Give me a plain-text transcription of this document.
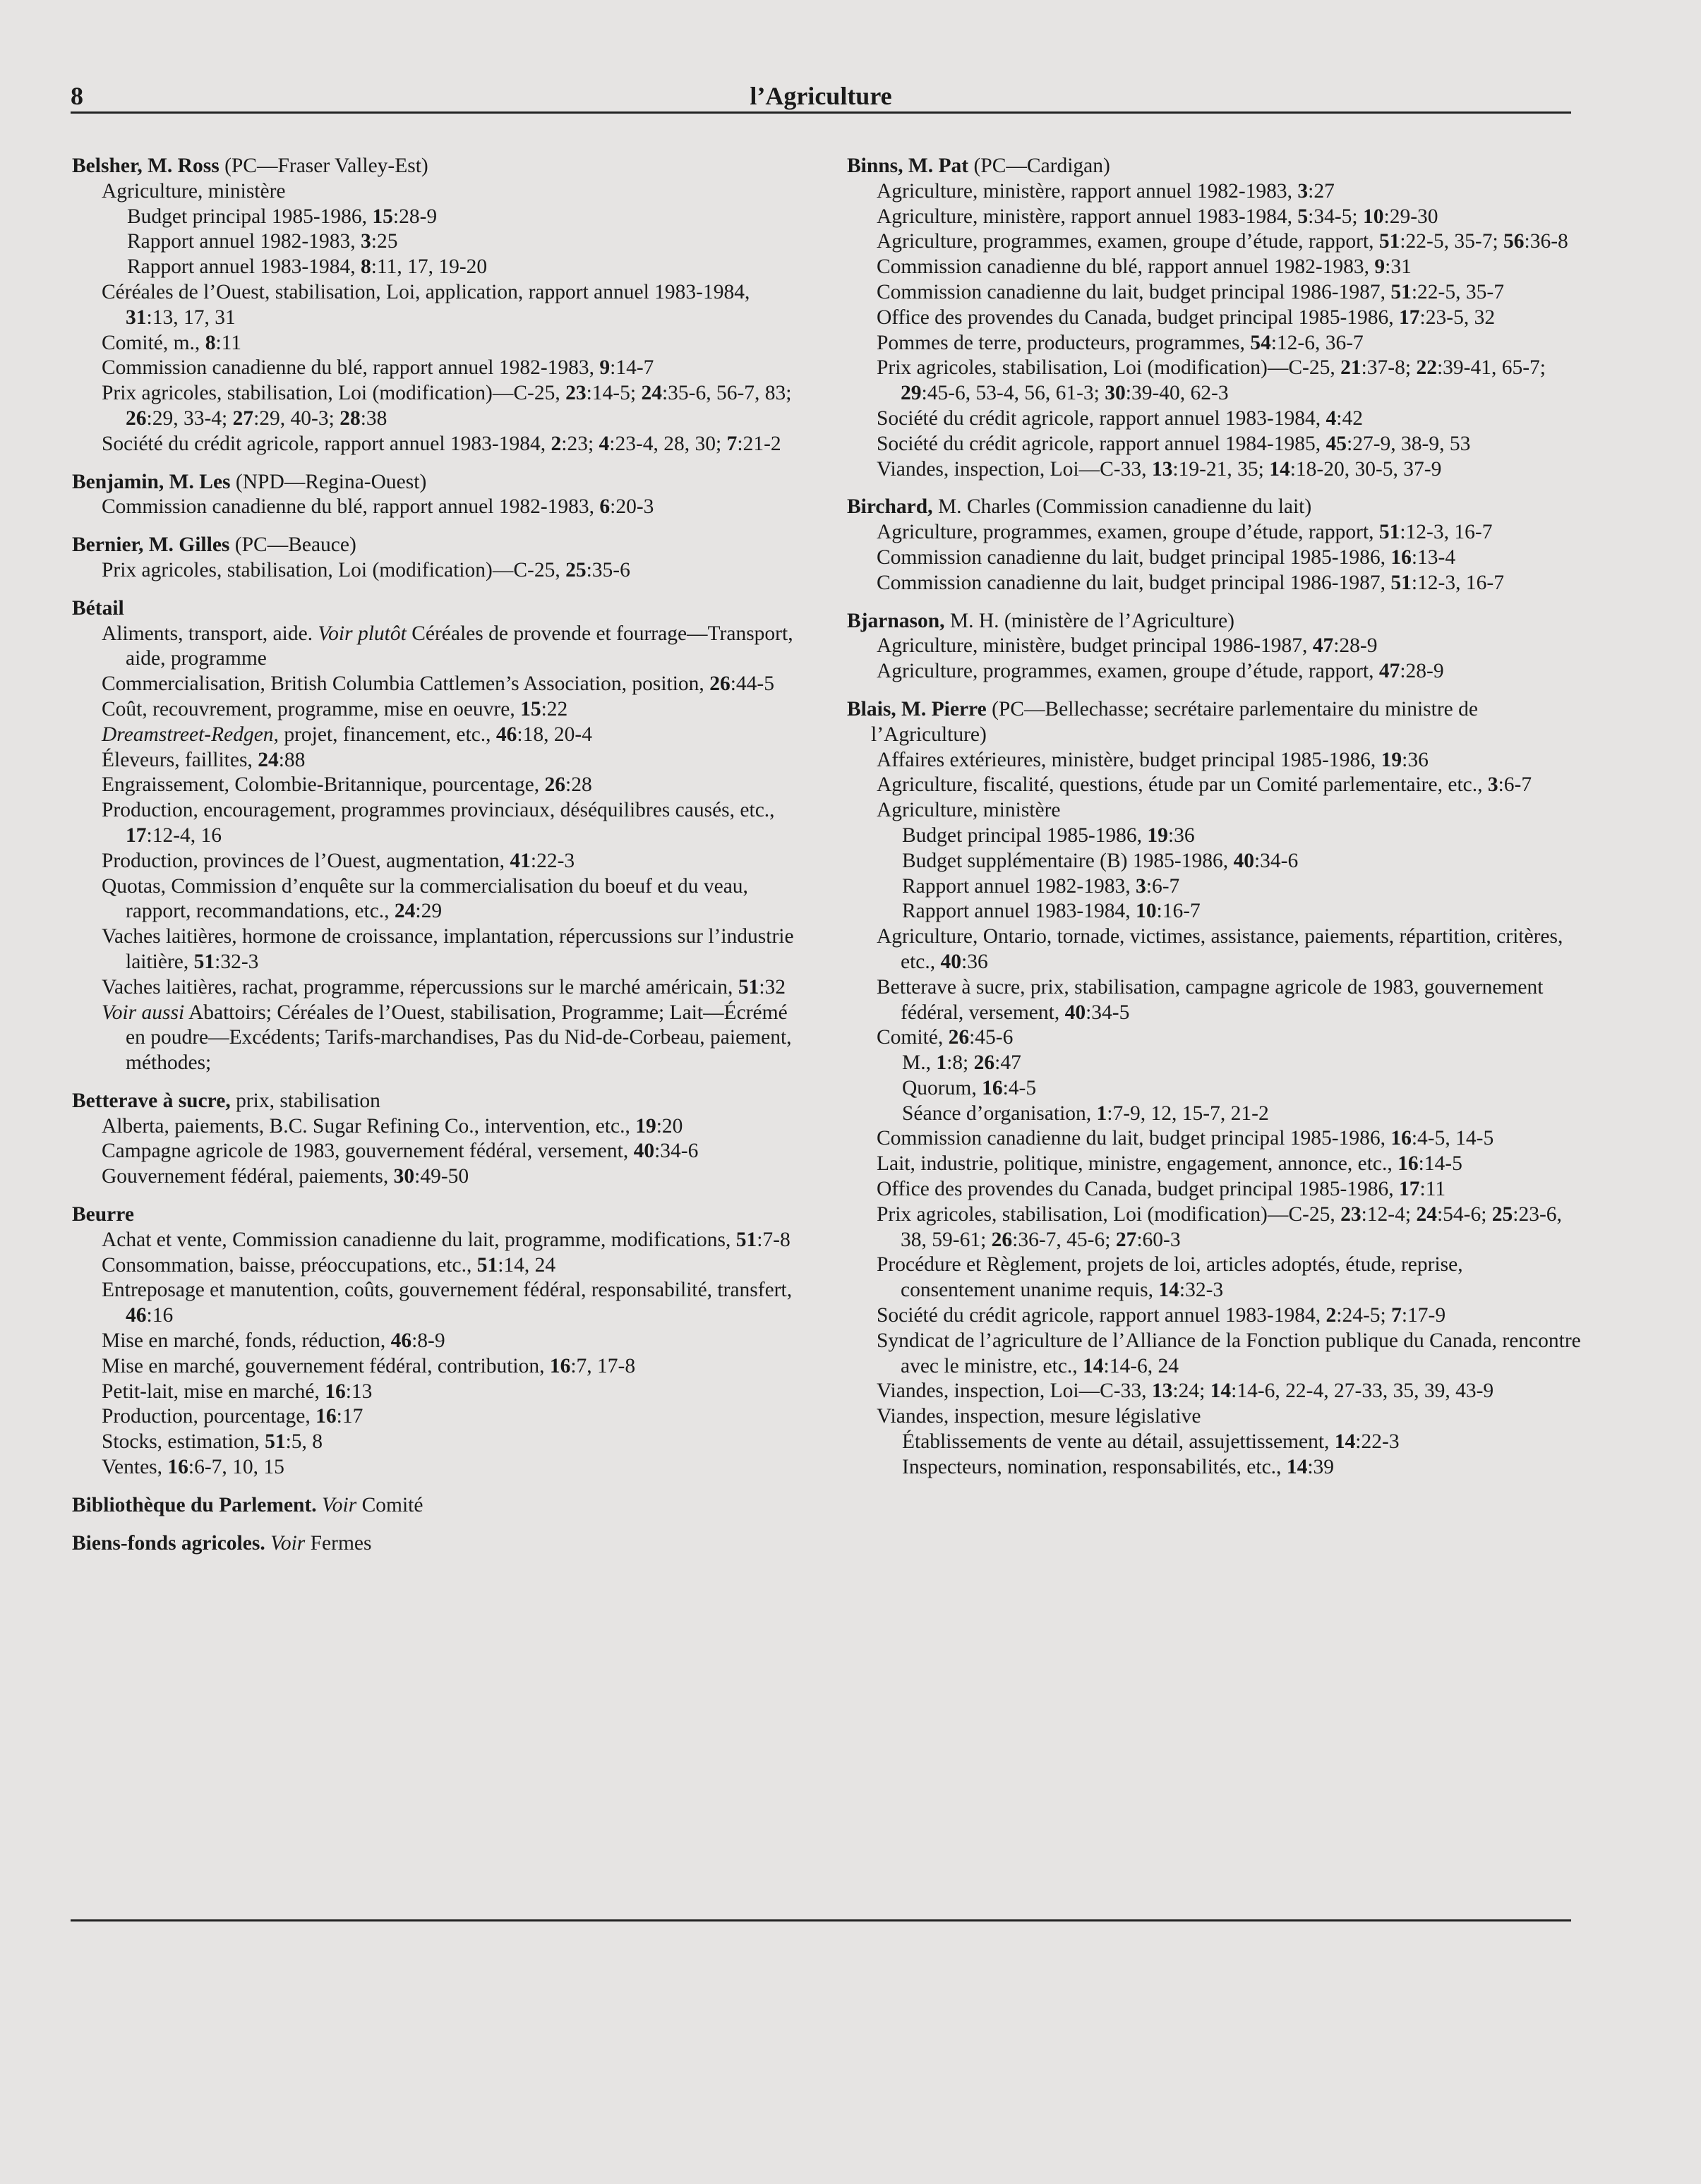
8	l’Agriculture
Belsher, M. Ross (PC—Fraser Valley-Est)
Agriculture, ministère
Budget principal 1985-1986, 15:28-9
Rapport annuel 1982-1983, 3:25
Rapport annuel 1983-1984, 8:11, 17, 19-20
Céréales de l’Ouest, stabilisation, Loi, application, rapport annuel 1983-1984, 31:13, 17, 31
Comité, m., 8:11
Commission canadienne du blé, rapport annuel 1982-1983, 9:14-7
Prix agricoles, stabilisation, Loi (modification)—C-25, 23:14-5; 24:35-6, 56-7, 83; 26:29, 33-4; 27:29, 40-3; 28:38
Société du crédit agricole, rapport annuel 1983-1984, 2:23; 4:23-4, 28, 30; 7:21-2
Benjamin, M. Les (NPD—Regina-Ouest)
Commission canadienne du blé, rapport annuel 1982-1983, 6:20-3
Bernier, M. Gilles (PC—Beauce)
Prix agricoles, stabilisation, Loi (modification)—C-25, 25:35-6
Bétail
Aliments, transport, aide. Voir plutôt Céréales de provende et fourrage—Transport, aide, programme
Commercialisation, British Columbia Cattlemen’s Association, position, 26:44-5
Coût, recouvrement, programme, mise en oeuvre, 15:22
Dreamstreet-Redgen, projet, financement, etc., 46:18, 20-4
Éleveurs, faillites, 24:88
Engraissement, Colombie-Britannique, pourcentage, 26:28
Production, encouragement, programmes provinciaux, déséquilibres causés, etc., 17:12-4, 16
Production, provinces de l’Ouest, augmentation, 41:22-3
Quotas, Commission d’enquête sur la commercialisation du boeuf et du veau, rapport, recommandations, etc., 24:29
Vaches laitières, hormone de croissance, implantation, répercussions sur l’industrie laitière, 51:32-3
Vaches laitières, rachat, programme, répercussions sur le marché américain, 51:32
Voir aussi Abattoirs; Céréales de l’Ouest, stabilisation, Programme; Lait—Écrémé en poudre—Excédents; Tarifs-marchandises, Pas du Nid-de-Corbeau, paiement, méthodes;
Betterave à sucre, prix, stabilisation
Alberta, paiements, B.C. Sugar Refining Co., intervention, etc., 19:20
Campagne agricole de 1983, gouvernement fédéral, versement, 40:34-6
Gouvernement fédéral, paiements, 30:49-50
Beurre
Achat et vente, Commission canadienne du lait, programme, modifications, 51:7-8
Consommation, baisse, préoccupations, etc., 51:14, 24
Entreposage et manutention, coûts, gouvernement fédéral, responsabilité, transfert, 46:16
Mise en marché, fonds, réduction, 46:8-9
Mise en marché, gouvernement fédéral, contribution, 16:7, 17-8
Petit-lait, mise en marché, 16:13
Production, pourcentage, 16:17
Stocks, estimation, 51:5, 8
Ventes, 16:6-7, 10, 15
Bibliothèque du Parlement. Voir Comité
Biens-fonds agricoles. Voir Fermes
Binns, M. Pat (PC—Cardigan)
Agriculture, ministère, rapport annuel 1982-1983, 3:27
Agriculture, ministère, rapport annuel 1983-1984, 5:34-5; 10:29-30
Agriculture, programmes, examen, groupe d’étude, rapport, 51:22-5, 35-7; 56:36-8
Commission canadienne du blé, rapport annuel 1982-1983, 9:31
Commission canadienne du lait, budget principal 1986-1987, 51:22-5, 35-7
Office des provendes du Canada, budget principal 1985-1986, 17:23-5, 32
Pommes de terre, producteurs, programmes, 54:12-6, 36-7
Prix agricoles, stabilisation, Loi (modification)—C-25, 21:37-8; 22:39-41, 65-7; 29:45-6, 53-4, 56, 61-3; 30:39-40, 62-3
Société du crédit agricole, rapport annuel 1983-1984, 4:42
Société du crédit agricole, rapport annuel 1984-1985, 45:27-9, 38-9, 53
Viandes, inspection, Loi—C-33, 13:19-21, 35; 14:18-20, 30-5, 37-9
Birchard, M. Charles (Commission canadienne du lait)
Agriculture, programmes, examen, groupe d’étude, rapport, 51:12-3, 16-7
Commission canadienne du lait, budget principal 1985-1986, 16:13-4
Commission canadienne du lait, budget principal 1986-1987, 51:12-3, 16-7
Bjarnason, M. H. (ministère de l’Agriculture)
Agriculture, ministère, budget principal 1986-1987, 47:28-9
Agriculture, programmes, examen, groupe d’étude, rapport, 47:28-9
Blais, M. Pierre (PC—Bellechasse; secrétaire parlementaire du ministre de l’Agriculture)
Affaires extérieures, ministère, budget principal 1985-1986, 19:36
Agriculture, fiscalité, questions, étude par un Comité parlementaire, etc., 3:6-7
Agriculture, ministère
Budget principal 1985-1986, 19:36
Budget supplémentaire (B) 1985-1986, 40:34-6
Rapport annuel 1982-1983, 3:6-7
Rapport annuel 1983-1984, 10:16-7
Agriculture, Ontario, tornade, victimes, assistance, paiements, répartition, critères, etc., 40:36
Betterave à sucre, prix, stabilisation, campagne agricole de 1983, gouvernement fédéral, versement, 40:34-5
Comité, 26:45-6
M., 1:8; 26:47
Quorum, 16:4-5
Séance d’organisation, 1:7-9, 12, 15-7, 21-2
Commission canadienne du lait, budget principal 1985-1986, 16:4-5, 14-5
Lait, industrie, politique, ministre, engagement, annonce, etc., 16:14-5
Office des provendes du Canada, budget principal 1985-1986, 17:11
Prix agricoles, stabilisation, Loi (modification)—C-25, 23:12-4; 24:54-6; 25:23-6, 38, 59-61; 26:36-7, 45-6; 27:60-3
Procédure et Règlement, projets de loi, articles adoptés, étude, reprise, consentement unanime requis, 14:32-3
Société du crédit agricole, rapport annuel 1983-1984, 2:24-5; 7:17-9
Syndicat de l’agriculture de l’Alliance de la Fonction publique du Canada, rencontre avec le ministre, etc., 14:14-6, 24
Viandes, inspection, Loi—C-33, 13:24; 14:14-6, 22-4, 27-33, 35, 39, 43-9
Viandes, inspection, mesure législative
Établissements de vente au détail, assujettissement, 14:22-3
Inspecteurs, nomination, responsabilités, etc., 14:39
